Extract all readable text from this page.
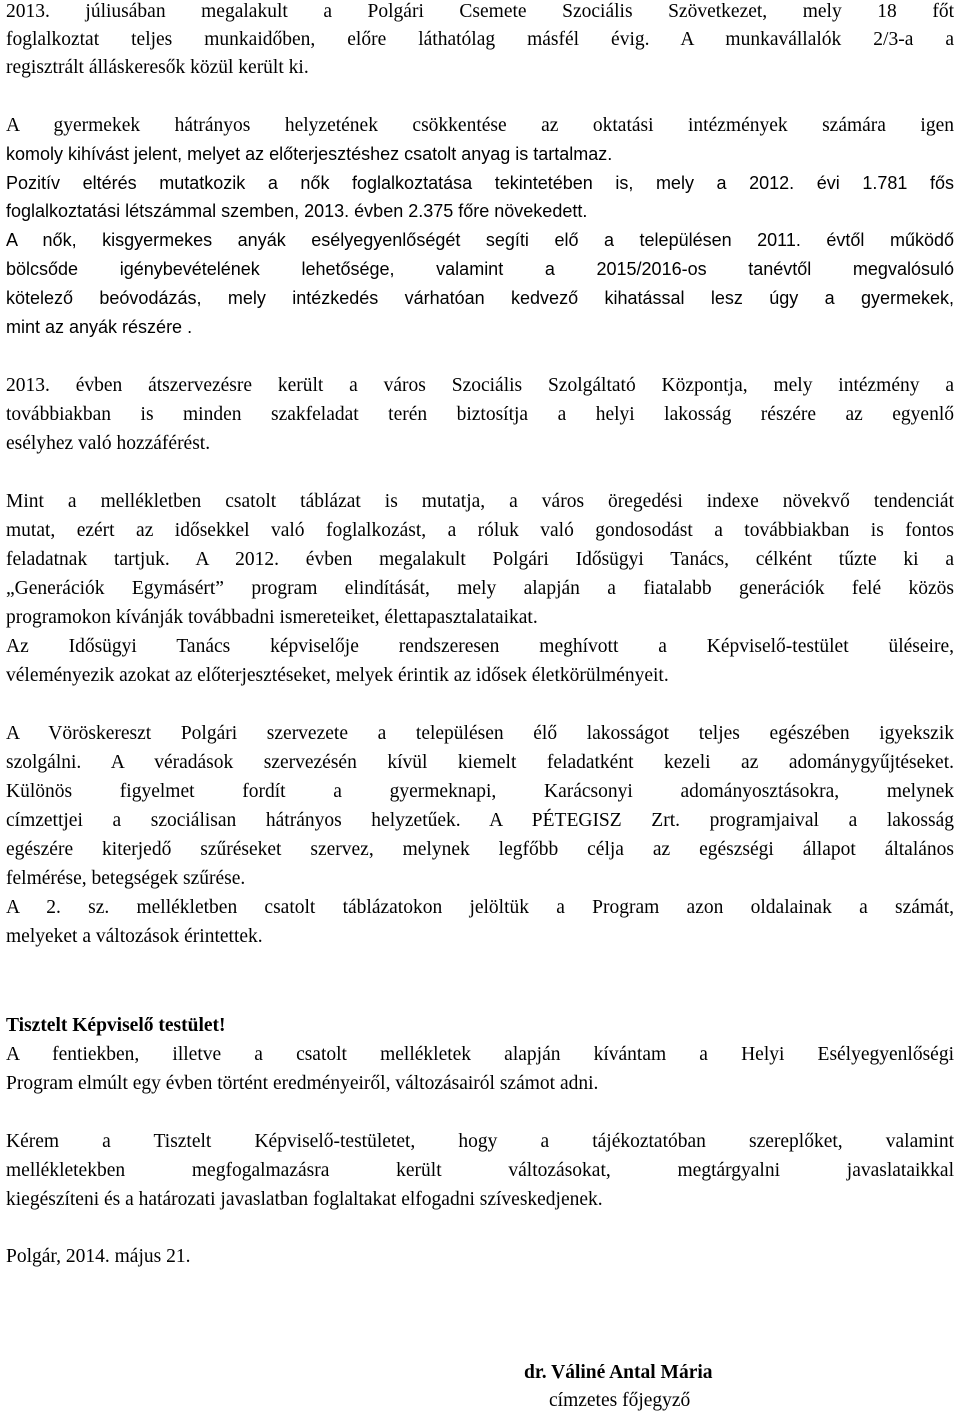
2013. júliusában megalakult a Polgári Csemete Szociális Szövetkezet, mely 18 főt
foglalkoztat teljes munkaidőben, előre láthatólag másfél évig. A munkavállalók 2/3-a a
regisztrált álláskeresők közül került ki.
A gyermekek hátrányos helyzetének csökkentése az oktatási intézmények számára igen
komoly kihívást jelent, melyet az előterjesztéshez csatolt anyag is tartalmaz.
Pozitív eltérés mutatkozik a nők foglalkoztatása tekintetében is, mely a 2012. évi 1.781 fős
foglalkoztatási létszámmal szemben, 2013. évben 2.375 főre növekedett.
A nők, kisgyermekes anyák esélyegyenlőségét segíti elő a településen 2011. évtől működő
bölcsőde igénybevételének lehetősége, valamint a 2015/2016-os tanévtől megvalósuló
kötelező beóvodázás, mely intézkedés várhatóan kedvező kihatással lesz úgy a gyermekek,
mint az anyák részére .
2013. évben átszervezésre került a város Szociális Szolgáltató Központja, mely intézmény a
továbbiakban is minden szakfeladat terén biztosítja a helyi lakosság részére az egyenlő
esélyhez való hozzáférést.
Mint a mellékletben csatolt táblázat is mutatja, a város öregedési indexe növekvő tendenciát
mutat, ezért az idősekkel való foglalkozást, a róluk való gondosodást a továbbiakban is fontos
feladatnak tartjuk. A 2012. évben megalakult Polgári Idősügyi Tanács, célként tűzte ki a
„Generációk Egymásért” program elindítását, mely alapján a fiatalabb generációk felé közös
programokon kívánják továbbadni ismereteiket, élettapasztalataikat.
Az Idősügyi Tanács képviselője rendszeresen meghívott a Képviselő-testület üléseire,
véleményezik azokat az előterjesztéseket, melyek érintik az idősek életkörülményeit.
A Vöröskereszt Polgári szervezete a településen élő lakosságot teljes egészében igyekszik
szolgálni. A véradások szervezésén kívül kiemelt feladatként kezeli az adománygyűjtéseket.
Különös figyelmet fordít a gyermeknapi, Karácsonyi adományosztásokra, melynek
címzettjei a szociálisan hátrányos helyzetűek. A PÉTEGISZ Zrt. programjaival a lakosság
egészére kiterjedő szűréseket szervez, melynek legfőbb célja az egészségi állapot általános
felmérése, betegségek szűrése.
A 2. sz. mellékletben csatolt táblázatokon jelöltük a Program azon oldalainak a számát,
melyeket a változások érintettek.
Tisztelt Képviselő testület!
A fentiekben, illetve a csatolt mellékletek alapján kívántam a Helyi Esélyegyenlőségi
Program elmúlt egy évben történt eredményeiről, változásairól számot adni.
Kérem a Tisztelt Képviselő-testületet, hogy a tájékoztatóban szereplőket, valamint
mellékletekben megfogalmazásra került változásokat, megtárgyalni javaslataikkal
kiegészíteni és a határozati javaslatban foglaltakat elfogadni szíveskedjenek.
Polgár, 2014. május 21.
dr. Váliné Antal Mária
címzetes főjegyző
